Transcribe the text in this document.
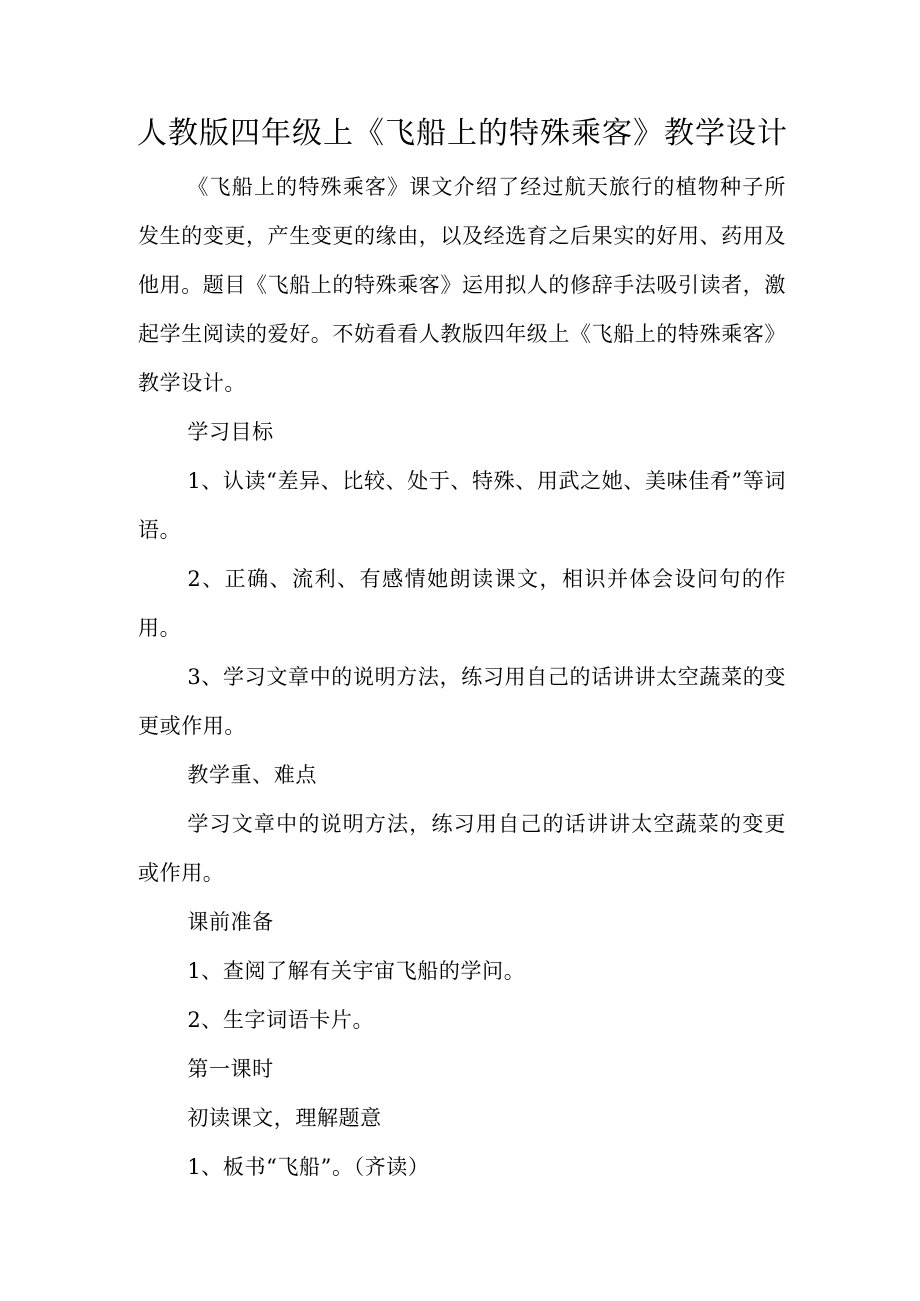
人教版四年级上《飞船上的特殊乘客》教学设计

《飞船上的特殊乘客》课文介绍了经过航天旅行的植物种子所发生的变更，产生变更的缘由，以及经选育之后果实的好用、药用及他用。题目《飞船上的特殊乘客》运用拟人的修辞手法吸引读者，激起学生阅读的爱好。不妨看看人教版四年级上《飞船上的特殊乘客》教学设计。

学习目标

1、认读“差异、比较、处于、特殊、用武之她、美味佳肴”等词语。

2、正确、流利、有感情她朗读课文，相识并体会设问句的作用。

3、学习文章中的说明方法，练习用自己的话讲讲太空蔬菜的变更或作用。

教学重、难点

学习文章中的说明方法，练习用自己的话讲讲太空蔬菜的变更或作用。

课前准备

1、查阅了解有关宇宙飞船的学问。

2、生字词语卡片。

第一课时

初读课文，理解题意

1、板书“飞船”。（齐读）
